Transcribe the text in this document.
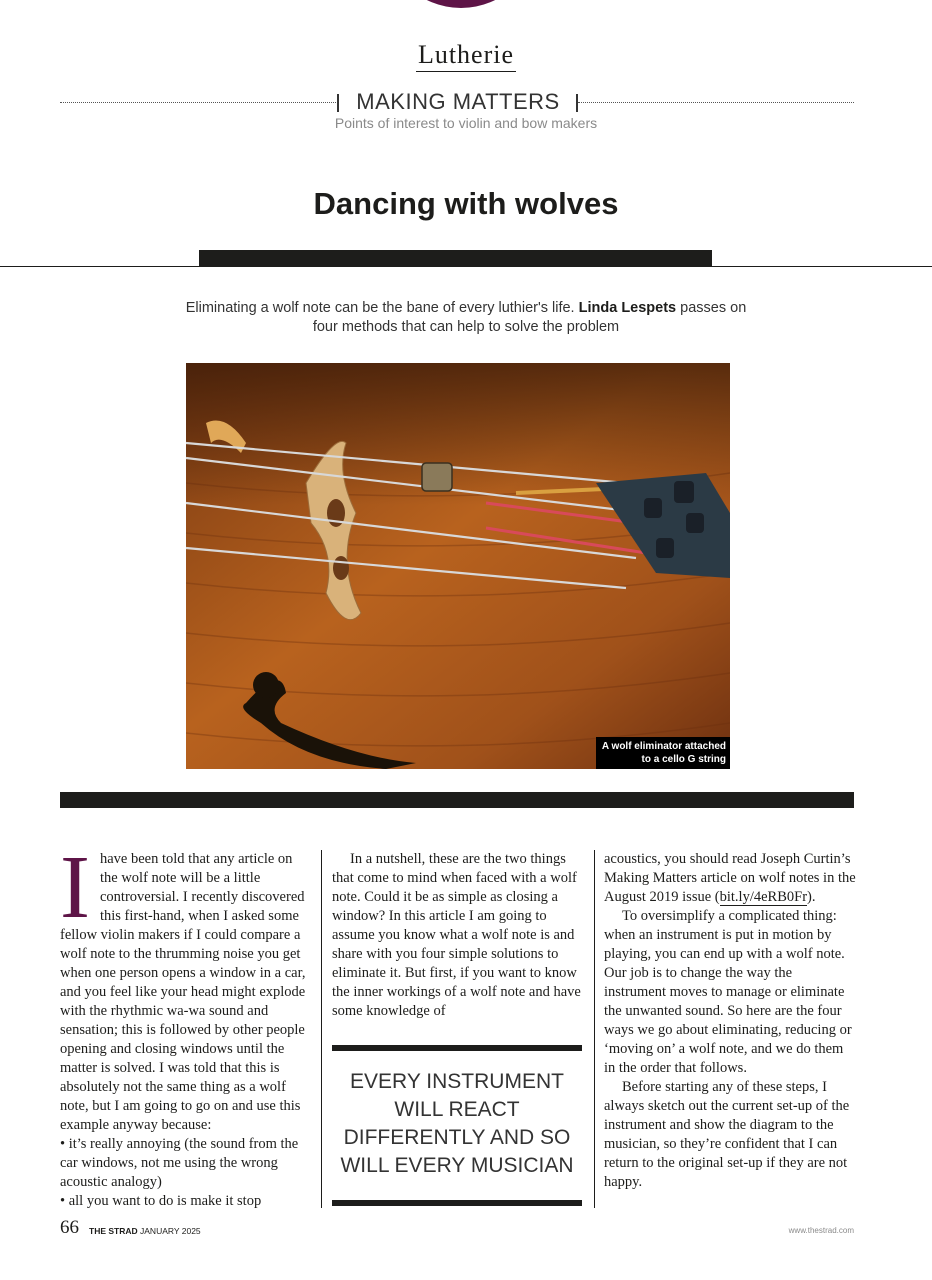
Lutherie
MAKING MATTERS
Points of interest to violin and bow makers
Dancing with wolves

Eliminating a wolf note can be the bane of every luthier's life. Linda Lespets passes on four methods that can help to solve the problem

A wolf eliminator attached
to a cello G string
I have been told that any article on the wolf note will be a little controversial. I recently discovered this first-hand, when I asked some fellow violin makers if I could compare a wolf note to the thrumming noise you get when one person opens a window in a car, and you feel like your head might explode with the rhythmic wa-wa sound and sensation; this is followed by other people opening and closing windows until the matter is solved. I was told that this is absolutely not the same thing as a wolf note, but I am going to go on and use this example anyway because:

• it’s really annoying (the sound from the car windows, not me using the wrong acoustic analogy)

• all you want to do is make it stop

In a nutshell, these are the two things that come to mind when faced with a wolf note. Could it be as simple as closing a window? In this article I am going to assume you know what a wolf note is and share with you four simple solutions to eliminate it. But first, if you want to know the inner workings of a wolf note and have some knowledge of

EVERY INSTRUMENT WILL REACT DIFFERENTLY AND SO WILL EVERY MUSICIAN

acoustics, you should read Joseph Curtin’s Making Matters article on wolf notes in the August 2019 issue (bit.ly/4eRB0Fr).

To oversimplify a complicated thing: when an instrument is put in motion by playing, you can end up with a wolf note. Our job is to change the way the instrument moves to manage or eliminate the unwanted sound. So here are the four ways we go about eliminating, reducing or ‘moving on’ a wolf note, and we do them in the order that follows.

Before starting any of these steps, I always sketch out the current set-up of the instrument and show the diagram to the musician, so they’re confident that I can return to the original set-up if they are not happy.

66 THE STRAD JANUARY 2025	www.thestrad.com
